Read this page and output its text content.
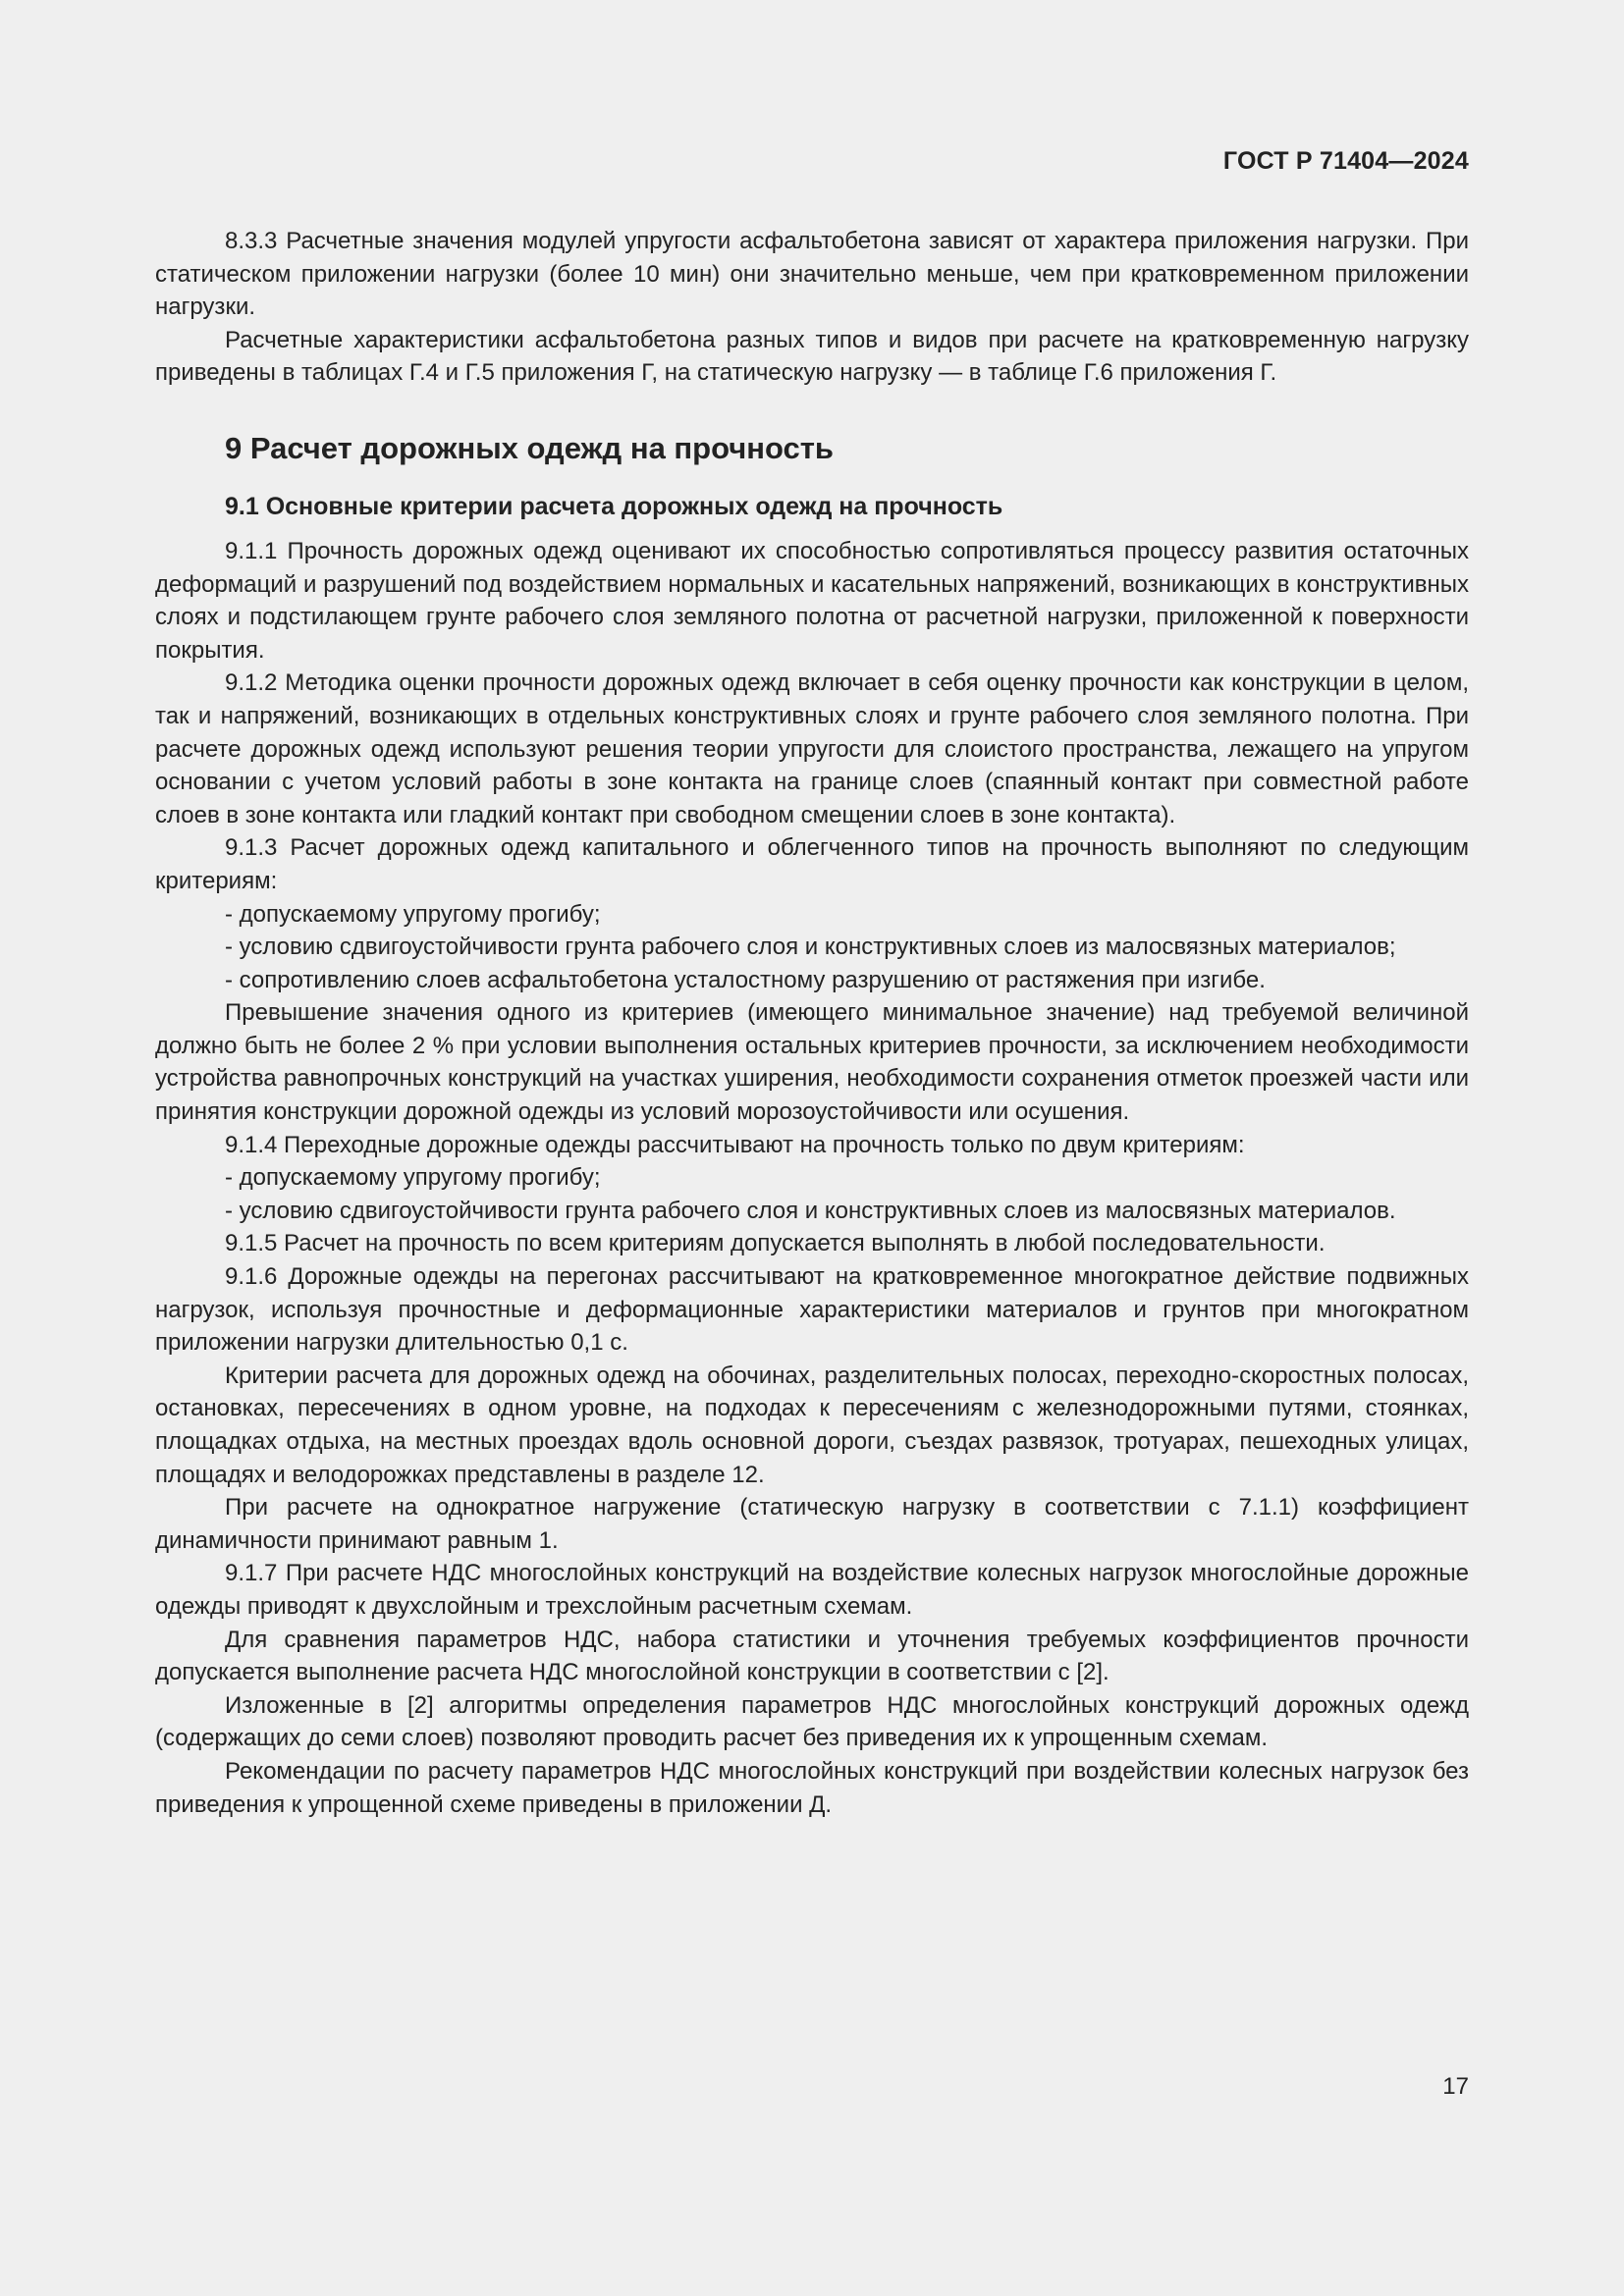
ГОСТ Р 71404—2024

8.3.3 Расчетные значения модулей упругости асфальтобетона зависят от характера приложения нагрузки. При статическом приложении нагрузки (более 10 мин) они значительно меньше, чем при кратковременном приложении нагрузки.

Расчетные характеристики асфальтобетона разных типов и видов при расчете на кратковременную нагрузку приведены в таблицах Г.4 и Г.5 приложения Г, на статическую нагрузку — в таблице Г.6 приложения Г.

9 Расчет дорожных одежд на прочность
9.1 Основные критерии расчета дорожных одежд на прочность

9.1.1 Прочность дорожных одежд оценивают их способностью сопротивляться процессу развития остаточных деформаций и разрушений под воздействием нормальных и касательных напряжений, возникающих в конструктивных слоях и подстилающем грунте рабочего слоя земляного полотна от расчетной нагрузки, приложенной к поверхности покрытия.

9.1.2 Методика оценки прочности дорожных одежд включает в себя оценку прочности как конструкции в целом, так и напряжений, возникающих в отдельных конструктивных слоях и грунте рабочего слоя земляного полотна. При расчете дорожных одежд используют решения теории упругости для слоистого пространства, лежащего на упругом основании с учетом условий работы в зоне контакта на границе слоев (спаянный контакт при совместной работе слоев в зоне контакта или гладкий контакт при свободном смещении слоев в зоне контакта).

9.1.3 Расчет дорожных одежд капитального и облегченного типов на прочность выполняют по следующим критериям:

- допускаемому упругому прогибу;

- условию сдвигоустойчивости грунта рабочего слоя и конструктивных слоев из малосвязных материалов;

- сопротивлению слоев асфальтобетона усталостному разрушению от растяжения при изгибе.

Превышение значения одного из критериев (имеющего минимальное значение) над требуемой величиной должно быть не более 2 % при условии выполнения остальных критериев прочности, за исключением необходимости устройства равнопрочных конструкций на участках уширения, необходимости сохранения отметок проезжей части или принятия конструкции дорожной одежды из условий морозоустойчивости или осушения.

9.1.4 Переходные дорожные одежды рассчитывают на прочность только по двум критериям:

- допускаемому упругому прогибу;

- условию сдвигоустойчивости грунта рабочего слоя и конструктивных слоев из малосвязных материалов.

9.1.5 Расчет на прочность по всем критериям допускается выполнять в любой последовательности.

9.1.6 Дорожные одежды на перегонах рассчитывают на кратковременное многократное действие подвижных нагрузок, используя прочностные и деформационные характеристики материалов и грунтов при многократном приложении нагрузки длительностью 0,1 с.

Критерии расчета для дорожных одежд на обочинах, разделительных полосах, переходно-скоростных полосах, остановках, пересечениях в одном уровне, на подходах к пересечениям с железнодорожными путями, стоянках, площадках отдыха, на местных проездах вдоль основной дороги, съездах развязок, тротуарах, пешеходных улицах, площадях и велодорожках представлены в разделе 12.

При расчете на однократное нагружение (статическую нагрузку в соответствии с 7.1.1) коэффициент динамичности принимают равным 1.

9.1.7 При расчете НДС многослойных конструкций на воздействие колесных нагрузок многослойные дорожные одежды приводят к двухслойным и трехслойным расчетным схемам.

Для сравнения параметров НДС, набора статистики и уточнения требуемых коэффициентов прочности допускается выполнение расчета НДС многослойной конструкции в соответствии с [2].

Изложенные в [2] алгоритмы определения параметров НДС многослойных конструкций дорожных одежд (содержащих до семи слоев) позволяют проводить расчет без приведения их к упрощенным схемам.

Рекомендации по расчету параметров НДС многослойных конструкций при воздействии колесных нагрузок без приведения к упрощенной схеме приведены в приложении Д.

17
